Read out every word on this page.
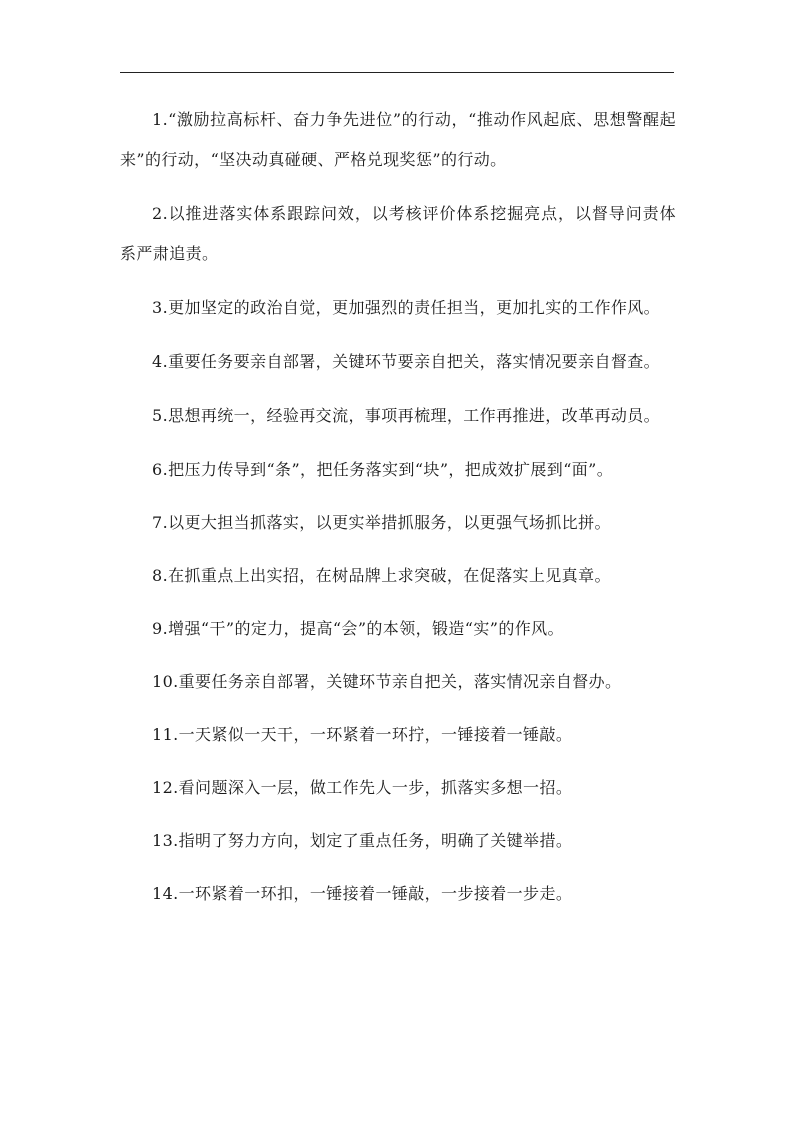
1.“激励拉高标杆、奋力争先进位”的行动，“推动作风起底、思想警醒起来”的行动，“坚决动真碰硬、严格兑现奖惩”的行动。

2.以推进落实体系跟踪问效，以考核评价体系挖掘亮点，以督导问责体系严肃追责。

3.更加坚定的政治自觉，更加强烈的责任担当，更加扎实的工作作风。

4.重要任务要亲自部署，关键环节要亲自把关，落实情况要亲自督查。

5.思想再统一，经验再交流，事项再梳理，工作再推进，改革再动员。

6.把压力传导到“条”，把任务落实到“块”，把成效扩展到“面”。

7.以更大担当抓落实，以更实举措抓服务，以更强气场抓比拼。

8.在抓重点上出实招，在树品牌上求突破，在促落实上见真章。

9.增强“干”的定力，提高“会”的本领，锻造“实”的作风。

10.重要任务亲自部署，关键环节亲自把关，落实情况亲自督办。

11.一天紧似一天干，一环紧着一环拧，一锤接着一锤敲。

12.看问题深入一层，做工作先人一步，抓落实多想一招。

13.指明了努力方向，划定了重点任务，明确了关键举措。

14.一环紧着一环扣，一锤接着一锤敲，一步接着一步走。
